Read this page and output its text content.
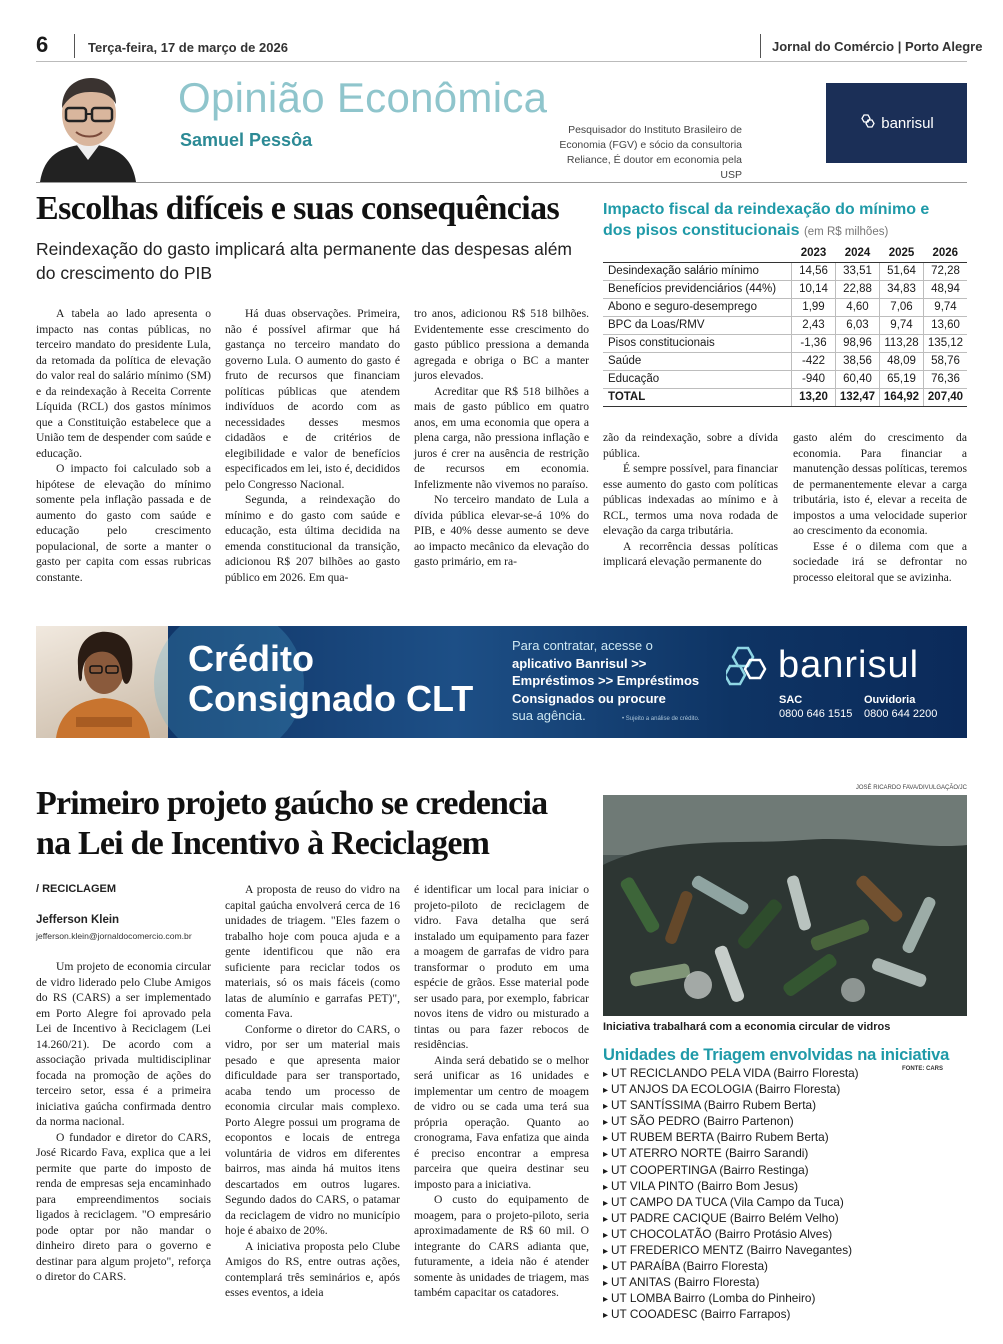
6	Terça-feira, 17 de março de 2026	Jornal do Comércio | Porto Alegre
Opinião Econômica
Samuel Pessôa	Pesquisador do Instituto Brasileiro de Economia (FGV) e sócio da consultoria Reliance, É doutor em economia pela USP
banrisul
Escolhas difíceis e suas consequências
Reindexação do gasto implicará alta permanente das despesas além do crescimento do PIB

A tabela ao lado apresenta o impacto nas contas públicas, no terceiro mandato do presidente Lula, da retomada da política de elevação do valor real do salário mínimo (SM) e da reindexação à Receita Corrente Líquida (RCL) dos gastos mínimos que a Constituição estabelece que a União tem de despender com saúde e educação.

O impacto foi calculado sob a hipótese de elevação do mínimo somente pela inflação passada e de aumento do gasto com saúde e educação pelo crescimento populacional, de sorte a manter o gasto per capita com essas rubricas constante.

Há duas observações. Primeira, não é possível afirmar que há gastança no terceiro mandato do governo Lula. O aumento do gasto é fruto de recursos que financiam políticas públicas que atendem indivíduos de acordo com as necessidades desses mesmos cidadãos e de critérios de elegibilidade e valor de benefícios especificados em lei, isto é, decididos pelo Congresso Nacional.

Segunda, a reindexação do mínimo e do gasto com saúde e educação, esta última decidida na emenda constitucional da transição, adicionou R$ 207 bilhões ao gasto público em 2026. Em qua-

tro anos, adicionou R$ 518 bilhões. Evidentemente esse crescimento do gasto público pressiona a demanda agregada e obriga o BC a manter juros elevados.

Acreditar que R$ 518 bilhões a mais de gasto público em quatro anos, em uma economia que opera a plena carga, não pressiona inflação e juros é crer na ausência de restrição de recursos em economia. Infelizmente não vivemos no paraíso.

No terceiro mandato de Lula a dívida pública elevar-se-á 10% do PIB, e 40% desse aumento se deve ao impacto mecânico da elevação do gasto primário, em ra-

zão da reindexação, sobre a dívida pública.

É sempre possível, para financiar esse aumento do gasto com políticas públicas indexadas ao mínimo e à RCL, termos uma nova rodada de elevação da carga tributária.

A recorrência dessas políticas implicará elevação permanente do

gasto além do crescimento da economia. Para financiar a manutenção dessas políticas, teremos de permanentemente elevar a carga tributária, isto é, elevar a receita de impostos a uma velocidade superior ao crescimento da economia.

Esse é o dilema com que a sociedade irá se defrontar no processo eleitoral que se avizinha.

Impacto fiscal da reindexação do mínimo e dos pisos constitucionais (em R$ milhões)
	2023	2024	2025	2026
Desindexação salário mínimo	14,56	33,51	51,64	72,28
Benefícios previdenciários (44%)	10,14	22,88	34,83	48,94
Abono e seguro-desemprego	1,99	4,60	7,06	9,74
BPC da Loas/RMV	2,43	6,03	9,74	13,60
Pisos constitucionais	-1,36	98,96	113,28	135,12
Saúde	-422	38,56	48,09	58,76
Educação	-940	60,40	65,19	76,36
TOTAL	13,20	132,47	164,92	207,40
Crédito
Consignado CLT
Para contratar, acesse o
aplicativo Banrisul >>
Empréstimos >> Empréstimos
Consignados ou procure
sua agência.	• Sujeito a análise de crédito.
banrisul
SAC
0800 646 1515
Ouvidoria
0800 644 2200
Primeiro projeto gaúcho se credencia
na Lei de Incentivo à Reciclagem
/ RECICLAGEM
Jefferson Klein
jefferson.klein@jornaldocomercio.com.br

Um projeto de economia circular de vidro liderado pelo Clube Amigos do RS (CARS) a ser implementado em Porto Alegre foi aprovado pela Lei de Incentivo à Reciclagem (Lei 14.260/21). De acordo com a associação privada multidisciplinar focada na promoção de ações do terceiro setor, essa é a primeira iniciativa gaúcha confirmada dentro da norma nacional.

O fundador e diretor do CARS, José Ricardo Fava, explica que a lei permite que parte do imposto de renda de empresas seja encaminhado para empreendimentos sociais ligados à reciclagem. "O empresário pode optar por não mandar o dinheiro direto para o governo e destinar para algum projeto", reforça o diretor do CARS.

A proposta de reuso do vidro na capital gaúcha envolverá cerca de 16 unidades de triagem. "Eles fazem o trabalho hoje com pouca ajuda e a gente identificou que não era suficiente para reciclar todos os materiais, só os mais fáceis (como latas de alumínio e garrafas PET)", comenta Fava.

Conforme o diretor do CARS, o vidro, por ser um material mais pesado e que apresenta maior dificuldade para ser transportado, acaba tendo um processo de economia circular mais complexo. Porto Alegre possui um programa de ecopontos e locais de entrega voluntária de vidros em diferentes bairros, mas ainda há muitos itens descartados em outros lugares. Segundo dados do CARS, o patamar da reciclagem de vidro no município hoje é abaixo de 20%.

A iniciativa proposta pelo Clube Amigos do RS, entre outras ações, contemplará três seminários e, após esses eventos, a ideia

é identificar um local para iniciar o projeto-piloto de reciclagem de vidro. Fava detalha que será instalado um equipamento para fazer a moagem de garrafas de vidro para transformar o produto em uma espécie de grãos. Esse material pode ser usado para, por exemplo, fabricar novos itens de vidro ou misturado a tintas ou para fazer rebocos de residências.

Ainda será debatido se o melhor será unificar as 16 unidades e implementar um centro de moagem de vidro ou se cada uma terá sua própria operação. Quanto ao cronograma, Fava enfatiza que ainda é preciso encontrar a empresa parceira que queira destinar seu imposto para a iniciativa.

O custo do equipamento de moagem, para o projeto-piloto, seria aproximadamente de R$ 60 mil. O integrante do CARS adianta que, futuramente, a ideia não é atender somente às unidades de triagem, mas também capacitar os catadores.

JOSÉ RICARDO FAVA/DIVULGAÇÃO/JC
Iniciativa trabalhará com a economia circular de vidros
Unidades de Triagem envolvidas na iniciativa
FONTE: CARS
▸ UT RECICLANDO PELA VIDA (Bairro Floresta)
▸ UT ANJOS DA ECOLOGIA (Bairro Floresta)
▸ UT SANTÍSSIMA (Bairro Rubem Berta)
▸ UT SÃO PEDRO (Bairro Partenon)
▸ UT RUBEM BERTA (Bairro Rubem Berta)
▸ UT ATERRO NORTE (Bairro Sarandi)
▸ UT COOPERTINGA (Bairro Restinga)
▸ UT VILA PINTO (Bairro Bom Jesus)
▸ UT CAMPO DA TUCA (Vila Campo da Tuca)
▸ UT PADRE CACIQUE (Bairro Belém Velho)
▸ UT CHOCOLATÃO (Bairro Protásio Alves)
▸ UT FREDERICO MENTZ (Bairro Navegantes)
▸ UT PARAÍBA (Bairro Floresta)
▸ UT ANITAS (Bairro Floresta)
▸ UT LOMBA Bairro (Lomba do Pinheiro)
▸ UT COOADESC (Bairro Farrapos)
